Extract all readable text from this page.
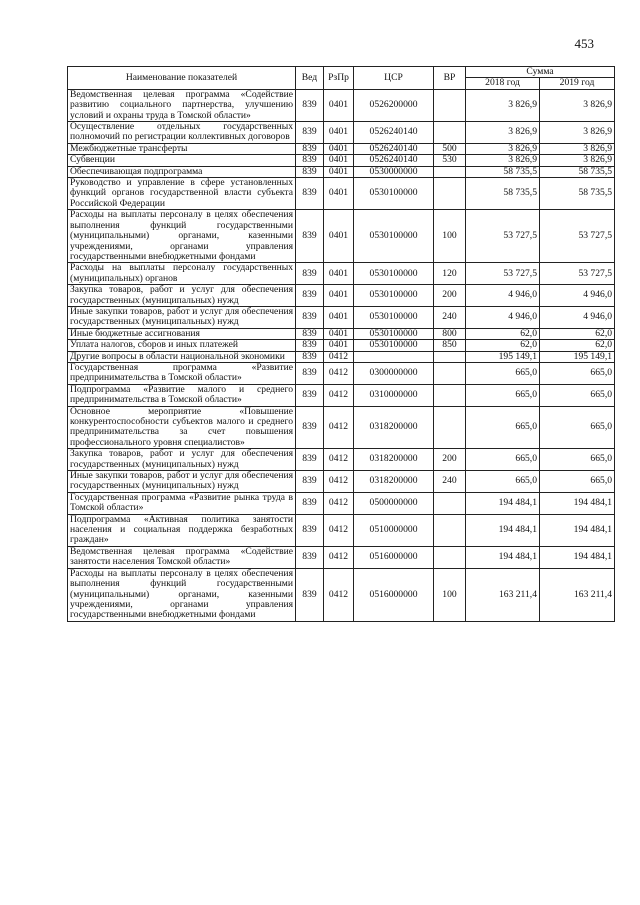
453
Наименование показателей	Вед	РзПр	ЦСР	ВР	Сумма	
					2018 год	2019 год
Ведомственная целевая программа «Содействие развитию социального партнерства, улучшению условий и охраны труда в Томской области»	839	0401	0526200000		3 826,9	3 826,9
Осуществление отдельных государственных полномочий по регистрации коллективных договоров	839	0401	0526240140		3 826,9	3 826,9
Межбюджетные трансферты	839	0401	0526240140	500	3 826,9	3 826,9
Субвенции	839	0401	0526240140	530	3 826,9	3 826,9
Обеспечивающая подпрограмма	839	0401	0530000000		58 735,5	58 735,5
Руководство и управление в сфере установленных функций органов государственной власти субъекта Российской Федерации	839	0401	0530100000		58 735,5	58 735,5
Расходы на выплаты персоналу в целях обеспечения выполнения функций государственными (муниципальными) органами, казенными учреждениями, органами управления государственными внебюджетными фондами	839	0401	0530100000	100	53 727,5	53 727,5
Расходы на выплаты персоналу государственных (муниципальных) органов	839	0401	0530100000	120	53 727,5	53 727,5
Закупка товаров, работ и услуг для обеспечения государственных (муниципальных) нужд	839	0401	0530100000	200	4 946,0	4 946,0
Иные закупки товаров, работ и услуг для обеспечения государственных (муниципальных) нужд	839	0401	0530100000	240	4 946,0	4 946,0
Иные бюджетные ассигнования	839	0401	0530100000	800	62,0	62,0
Уплата налогов, сборов и иных платежей	839	0401	0530100000	850	62,0	62,0
Другие вопросы в области национальной экономики	839	0412			195 149,1	195 149,1
Государственная программа «Развитие предпринимательства в Томской области»	839	0412	0300000000		665,0	665,0
Подпрограмма «Развитие малого и среднего предпринимательства в Томской области»	839	0412	0310000000		665,0	665,0
Основное мероприятие «Повышение конкурентоспособности субъектов малого и среднего предпринимательства за счет повышения профессионального уровня специалистов»	839	0412	0318200000		665,0	665,0
Закупка товаров, работ и услуг для обеспечения государственных (муниципальных) нужд	839	0412	0318200000	200	665,0	665,0
Иные закупки товаров, работ и услуг для обеспечения государственных (муниципальных) нужд	839	0412	0318200000	240	665,0	665,0
Государственная программа «Развитие рынка труда в Томской области»	839	0412	0500000000		194 484,1	194 484,1
Подпрограмма «Активная политика занятости населения и социальная поддержка безработных граждан»	839	0412	0510000000		194 484,1	194 484,1
Ведомственная целевая программа «Содействие занятости населения Томской области»	839	0412	0516000000		194 484,1	194 484,1
Расходы на выплаты персоналу в целях обеспечения выполнения функций государственными (муниципальными) органами, казенными учреждениями, органами управления государственными внебюджетными фондами	839	0412	0516000000	100	163 211,4	163 211,4
